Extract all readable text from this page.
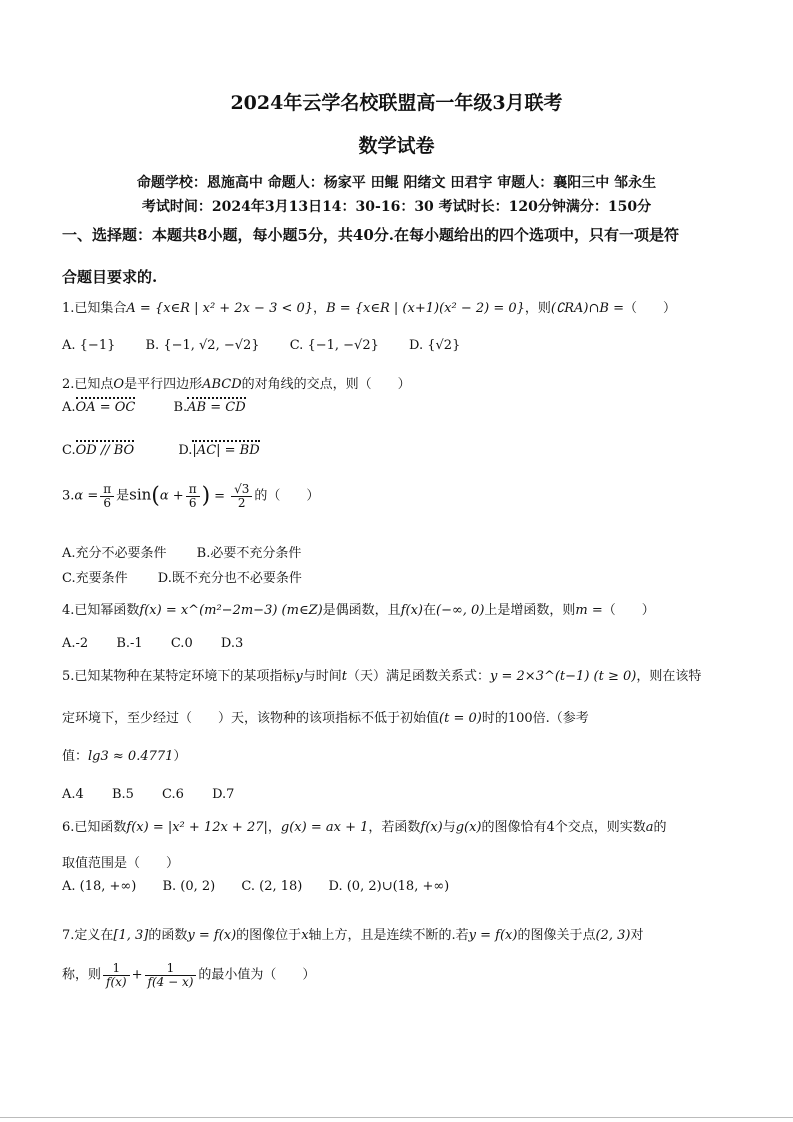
2024年云学名校联盟高一年级3月联考
数学试卷
命题学校：恩施高中 命题人：杨家平 田鲲 阳绪文 田君宇 审题人：襄阳三中 邹永生
考试时间：2024年3月13日14：30-16：30 考试时长：120分钟满分：150分
一、选择题：本题共8小题，每小题5分，共40分.在每小题给出的四个选项中，只有一项是符
合题目要求的.
1.已知集合A = {x∈R | x² + 2x − 3 < 0}，B = {x∈R | (x+1)(x² − 2) = 0}，则(∁RA)∩B =（　　）
A. {−1} B. {−1, √2, −√2} C. {−1, −√2} D. {√2}
2.已知点O是平行四边形ABCD的对角线的交点，则（　　）
A.OA = OC	B.AB = CD
C.OD // BO	D.|AC| = BD
$3.\alpha = \frac{\pi}{6}$ 是$\sin(\alpha + \frac{\pi}{6}$ ) = $\frac{√3}{2}$ 的（　　）
A.充分不必要条件 B.必要不充分条件
C.充要条件 D.既不充分也不必要条件
4.已知幂函数f(x) = x^(m²−2m−3) (m∈Z)是偶函数，且f(x)在(−∞, 0)上是增函数，则m =（　　）
A.-2 B.-1 C.0 D.3
5.已知某物种在某特定环境下的某项指标y与时间t（天）满足函数关系式：y = 2×3^(t−1) (t ≥ 0)，则在该特
定环境下，至少经过（　　）天，该物种的该项指标不低于初始值(t = 0)时的100倍.（参考
值：lg3 ≈ 0.4771）
A.4 B.5 C.6 D.7
6.已知函数f(x) = |x² + 12x + 27|，g(x) = ax + 1，若函数f(x)与g(x)的图像恰有4个交点，则实数a的
取值范围是（　　）
A. (18, +∞) B. (0, 2) C. (2, 18) D. (0, 2)∪(18, +∞)
7.定义在[1, 3]的函数y = f(x)的图像位于x轴上方，且是连续不断的.若y = f(x)的图像关于点(2, 3)对
称，则 $\frac{1}{f(x)} + \frac{1}{f(4 - x)}$ 的最小值为（　　）
